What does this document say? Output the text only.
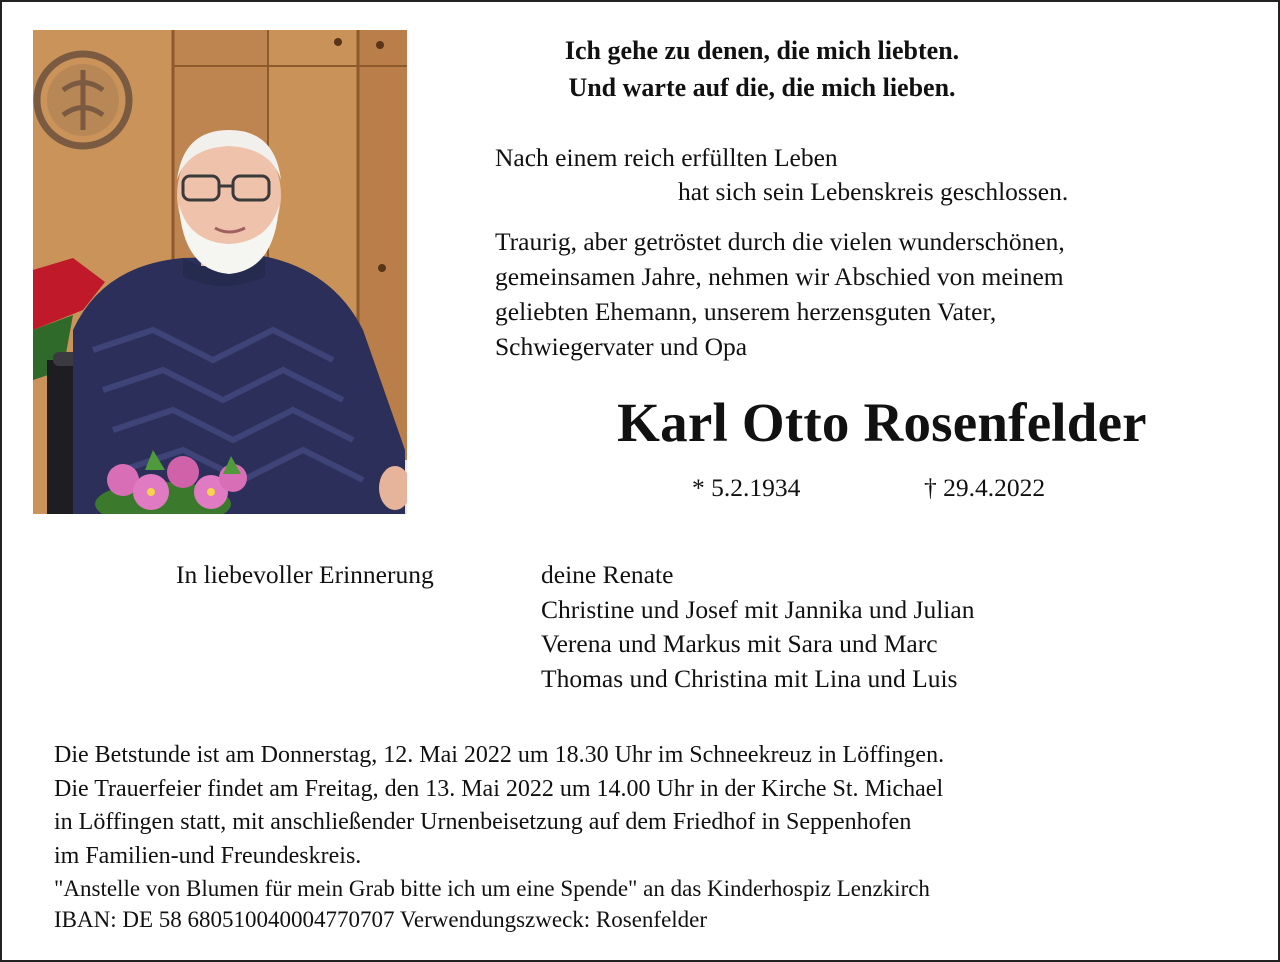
Ich gehe zu denen, die mich liebten.
Und warte auf die, die mich lieben.
Nach einem reich erfüllten Leben
hat sich sein Lebenskreis geschlossen.
Traurig, aber getröstet durch die vielen wunderschönen,
gemeinsamen Jahre, nehmen wir Abschied von meinem
geliebten Ehemann, unserem herzensguten Vater,
Schwiegervater und Opa
Karl Otto Rosenfelder
* 5.2.1934	† 29.4.2022
In liebevoller Erinnerung	deine Renate
Christine und Josef mit Jannika und Julian
Verena und Markus mit Sara und Marc
Thomas und Christina mit Lina und Luis
Die Betstunde ist am Donnerstag, 12. Mai 2022 um 18.30 Uhr im Schneekreuz in Löffingen.
Die Trauerfeier findet am Freitag, den 13. Mai 2022 um 14.00 Uhr in der Kirche St. Michael
in Löffingen statt, mit anschließender Urnenbeisetzung auf dem Friedhof in Seppenhofen
im Familien-und Freundeskreis.
"Anstelle von Blumen für mein Grab bitte ich um eine Spende" an das Kinderhospiz Lenzkirch
IBAN: DE 58 680510040004770707 Verwendungszweck: Rosenfelder
